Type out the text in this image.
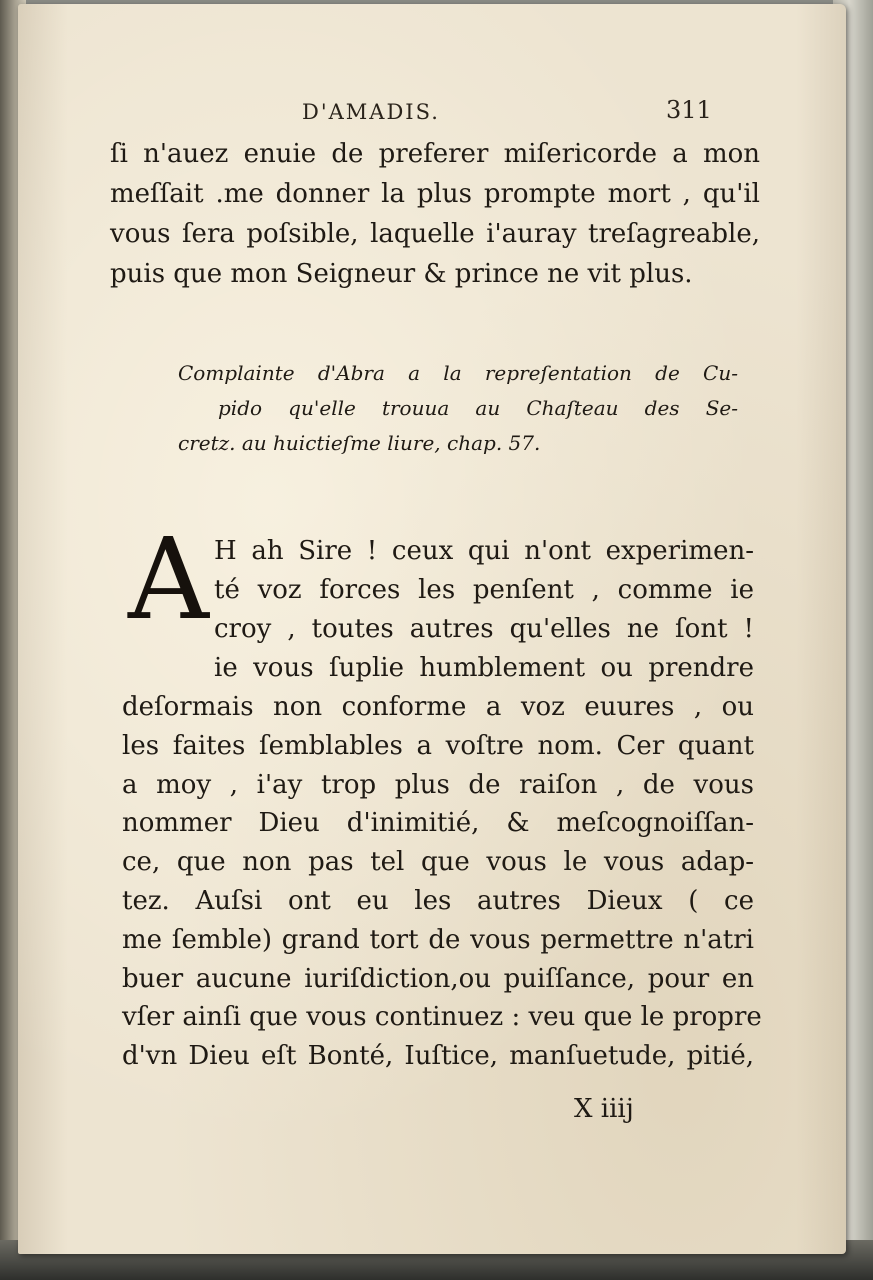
D'AMADIS.	311
ſi n'auez enuie de preferer miſericorde a mon
meſſait .me donner la plus prompte mort , qu'il
vous ſera poſsible, laquelle i'auray treſagreable,
puis que mon Seigneur & prince ne vit plus.
Complainte d'Abra a la repreſentation de Cu-
pido qu'elle trouua au Chaſteau des Se-
cretz. au huictieſme liure, chap. 57.
A H ah Sire ! ceux qui n'ont experimen-
té voz forces les penſent , comme ie
croy , toutes autres qu'elles ne ſont !
ie vous ſuplie humblement ou prendre
deſormais non conforme a voz euures , ou
les faites ſemblables a voſtre nom. Cer quant
a moy , i'ay trop plus de raiſon , de vous
nommer Dieu d'inimitié, & meſcognoiſſan-
ce, que non pas tel que vous le vous adap-
tez. Auſsi ont eu les autres Dieux ( ce
me ſemble) grand tort de vous permettre n'atri
buer aucune iuriſdiction,ou puiſſance, pour en
vſer ainſi que vous continuez : veu que le propre
d'vn Dieu eſt Bonté, Iuſtice, manſuetude, pitié,
X iiij
